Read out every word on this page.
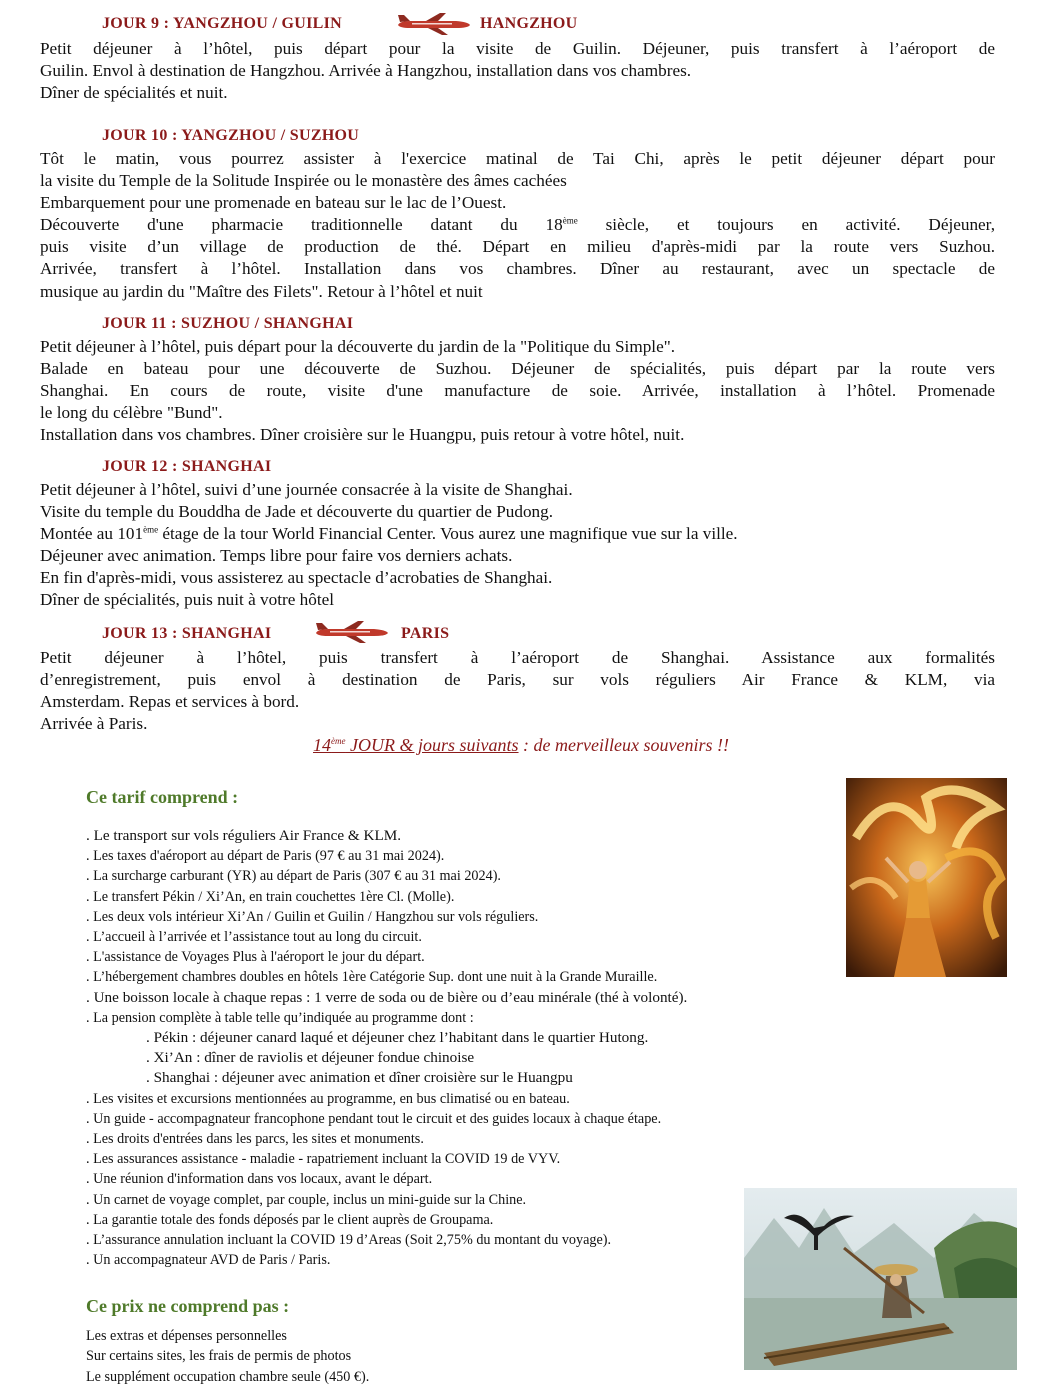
JOUR 9 : YANGZHOU / GUILIN	HANGZHOU
Petit déjeuner à l’hôtel, puis départ pour la visite de Guilin. Déjeuner, puis transfert à l’aéroport de
Guilin. Envol à destination de Hangzhou. Arrivée à Hangzhou, installation dans vos chambres.
Dîner de spécialités et nuit.
JOUR 10 : YANGZHOU / SUZHOU
Tôt le matin, vous pourrez assister à l'exercice matinal de Tai Chi, après le petit déjeuner départ pour
la visite du Temple de la Solitude Inspirée ou le monastère des âmes cachées
Embarquement pour une promenade en bateau sur le lac de l’Ouest.
Découverte d'une pharmacie traditionnelle datant du 18ème siècle, et toujours en activité. Déjeuner,
puis visite d’un village de production de thé. Départ en milieu d'après-midi par la route vers Suzhou.
Arrivée, transfert à l’hôtel. Installation dans vos chambres. Dîner au restaurant, avec un spectacle de
musique au jardin du "Maître des Filets". Retour à l’hôtel et nuit
JOUR 11 : SUZHOU / SHANGHAI
Petit déjeuner à l’hôtel, puis départ pour la découverte du jardin de la "Politique du Simple".
Balade en bateau pour une découverte de Suzhou. Déjeuner de spécialités, puis départ par la route vers
Shanghai. En cours de route, visite d'une manufacture de soie. Arrivée, installation à l’hôtel. Promenade
le long du célèbre "Bund".
Installation dans vos chambres. Dîner croisière sur le Huangpu, puis retour à votre hôtel, nuit.
JOUR 12 : SHANGHAI
Petit déjeuner à l’hôtel, suivi d’une journée consacrée à la visite de Shanghai.
Visite du temple du Bouddha de Jade et découverte du quartier de Pudong.
Montée au 101ème étage de la tour World Financial Center. Vous aurez une magnifique vue sur la ville.
Déjeuner avec animation. Temps libre pour faire vos derniers achats.
En fin d'après-midi, vous assisterez au spectacle d’acrobaties de Shanghai.
Dîner de spécialités, puis nuit à votre hôtel
JOUR 13 : SHANGHAI	PARIS
Petit déjeuner à l’hôtel, puis transfert à l’aéroport de Shanghai. Assistance aux formalités
d’enregistrement, puis envol à destination de Paris, sur vols réguliers Air France & KLM, via
Amsterdam. Repas et services à bord.
Arrivée à Paris.
14ème JOUR & jours suivants : de merveilleux souvenirs !!
Ce tarif comprend :
. Le transport sur vols réguliers Air France & KLM.
. Les taxes d'aéroport au départ de Paris (97 € au 31 mai 2024).
. La surcharge carburant (YR) au départ de Paris (307 € au 31 mai 2024).
. Le transfert Pékin / Xi’An, en train couchettes 1ère Cl. (Molle).
. Les deux vols intérieur Xi’An / Guilin et Guilin / Hangzhou sur vols réguliers.
. L’accueil à l’arrivée et l’assistance tout au long du circuit.
. L'assistance de Voyages Plus à l'aéroport le jour du départ.
. L’hébergement chambres doubles en hôtels 1ère Catégorie Sup. dont une nuit à la Grande Muraille.
. Une boisson locale à chaque repas : 1 verre de soda ou de bière ou d’eau minérale (thé à volonté).
. La pension complète à table telle qu’indiquée au programme dont :
. Pékin : déjeuner canard laqué et déjeuner chez l’habitant dans le quartier Hutong.
. Xi’An : dîner de raviolis et déjeuner fondue chinoise
. Shanghai : déjeuner avec animation et dîner croisière sur le Huangpu
. Les visites et excursions mentionnées au programme, en bus climatisé ou en bateau.
. Un guide - accompagnateur francophone pendant tout le circuit et des guides locaux à chaque étape.
. Les droits d'entrées dans les parcs, les sites et monuments.
. Les assurances assistance - maladie - rapatriement incluant la COVID 19 de VYV.
. Une réunion d'information dans vos locaux, avant le départ.
. Un carnet de voyage complet, par couple, inclus un mini-guide sur la Chine.
. La garantie totale des fonds déposés par le client auprès de Groupama.
. L’assurance annulation incluant la COVID 19 d’Areas (Soit 2,75% du montant du voyage).
. Un accompagnateur AVD de Paris / Paris.
Ce prix ne comprend pas :
Les extras et dépenses personnelles
Sur certains sites, les frais de permis de photos
Le supplément occupation chambre seule (450 €).
